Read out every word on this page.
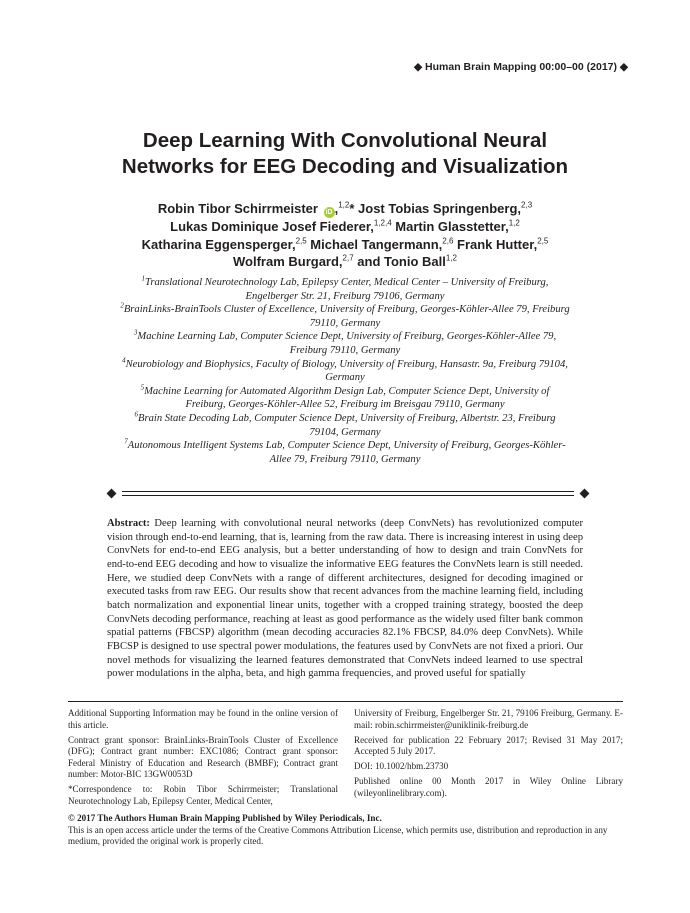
◆ Human Brain Mapping 00:00–00 (2017) ◆
Deep Learning With Convolutional Neural
Networks for EEG Decoding and Visualization
Robin Tibor Schirrmeister iD ,$^{1,2}$* Jost Tobias Springenberg,$^{2,3}$
Lukas Dominique Josef Fiederer,$^{1,2,4}$ Martin Glasstetter,$^{1,2}$
Katharina Eggensperger,$^{2,5}$ Michael Tangermann,$^{2,6}$ Frank Hutter,$^{2,5}$
Wolfram Burgard,$^{2,7}$ and Tonio Ball$^{1,2}$

$^1$Translational Neurotechnology Lab, Epilepsy Center, Medical Center – University of Freiburg, Engelberger Str. 21, Freiburg 79106, Germany

$^2$BrainLinks-BrainTools Cluster of Excellence, University of Freiburg, Georges-Köhler-Allee 79, Freiburg 79110, Germany

$^3$Machine Learning Lab, Computer Science Dept, University of Freiburg, Georges-Köhler-Allee 79, Freiburg 79110, Germany

$^4$Neurobiology and Biophysics, Faculty of Biology, University of Freiburg, Hansastr. 9a, Freiburg 79104, Germany

$^5$Machine Learning for Automated Algorithm Design Lab, Computer Science Dept, University of Freiburg, Georges-Köhler-Allee 52, Freiburg im Breisgau 79110, Germany

$^6$Brain State Decoding Lab, Computer Science Dept, University of Freiburg, Albertstr. 23, Freiburg 79104, Germany

$^7$Autonomous Intelligent Systems Lab, Computer Science Dept, University of Freiburg, Georges-Köhler-Allee 79, Freiburg 79110, Germany

Abstract: Deep learning with convolutional neural networks (deep ConvNets) has revolutionized computer vision through end-to-end learning, that is, learning from the raw data. There is increasing interest in using deep ConvNets for end-to-end EEG analysis, but a better understanding of how to design and train ConvNets for end-to-end EEG decoding and how to visualize the informative EEG features the ConvNets learn is still needed. Here, we studied deep ConvNets with a range of different architectures, designed for decoding imagined or executed tasks from raw EEG. Our results show that recent advances from the machine learning field, including batch normalization and exponential linear units, together with a cropped training strategy, boosted the deep ConvNets decoding performance, reaching at least as good performance as the widely used filter bank common spatial patterns (FBCSP) algorithm (mean decoding accuracies 82.1% FBCSP, 84.0% deep ConvNets). While FBCSP is designed to use spectral power modulations, the features used by ConvNets are not fixed a priori. Our novel methods for visualizing the learned features demonstrated that ConvNets indeed learned to use spectral power modulations in the alpha, beta, and high gamma frequencies, and proved useful for spatially

Additional Supporting Information may be found in the online version of this article.

Contract grant sponsor: BrainLinks-BrainTools Cluster of Excellence (DFG); Contract grant number: EXC1086; Contract grant sponsor: Federal Ministry of Education and Research (BMBF); Contract grant number: Motor-BIC 13GW0053D

*Correspondence to: Robin Tibor Schirrmeister; Translational Neurotechnology Lab, Epilepsy Center, Medical Center,

University of Freiburg, Engelberger Str. 21, 79106 Freiburg, Germany. E-mail: robin.schirrmeister@uniklinik-freiburg.de

Received for publication 22 February 2017; Revised 31 May 2017; Accepted 5 July 2017.

DOI: 10.1002/hbm.23730

Published online 00 Month 2017 in Wiley Online Library (wileyonlinelibrary.com).

© 2017 The Authors Human Brain Mapping Published by Wiley Periodicals, Inc.
This is an open access article under the terms of the Creative Commons Attribution License, which permits use, distribution and reproduction in any medium, provided the original work is properly cited.
